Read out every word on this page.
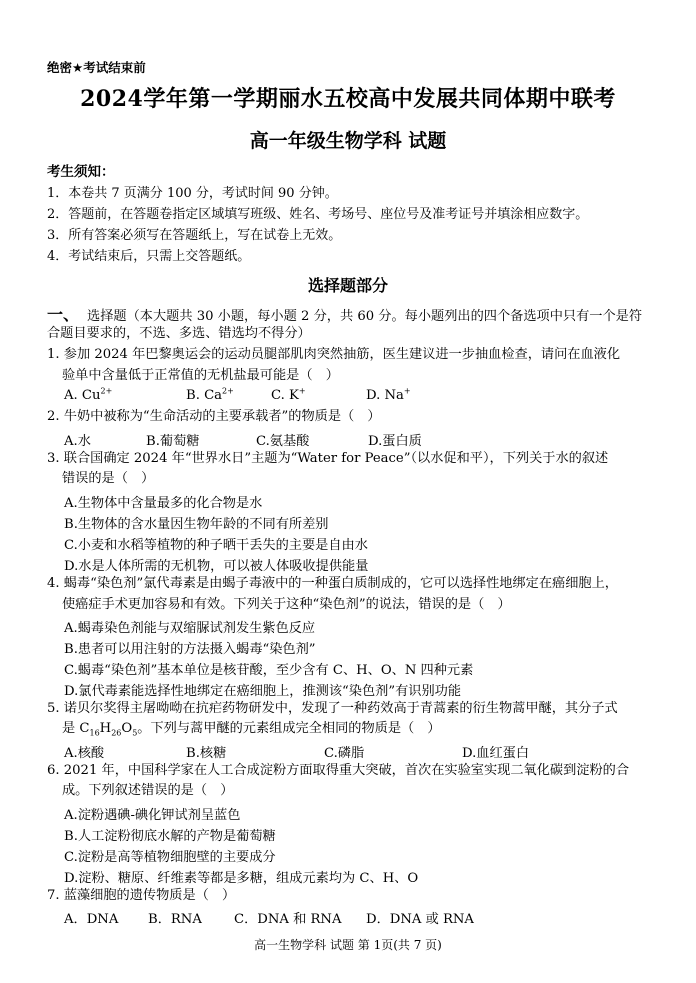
绝密★考试结束前
2024学年第一学期丽水五校高中发展共同体期中联考
高一年级生物学科 试题
考生须知：
1．本卷共 7 页满分 100 分，考试时间 90 分钟。
2．答题前，在答题卷指定区域填写班级、姓名、考场号、座位号及准考证号并填涂相应数字。
3．所有答案必须写在答题纸上，写在试卷上无效。
4．考试结束后，只需上交答题纸。
选择题部分
一、 选择题（本大题共 30 小题，每小题 2 分，共 60 分。每小题列出的四个备选项中只有一个是符
合题目要求的，不选、多选、错选均不得分）
1. 参加 2024 年巴黎奥运会的运动员腿部肌肉突然抽筋，医生建议进一步抽血检查，请问在血液化
验单中含量低于正常值的无机盐最可能是（　）
A. $Cu^{2+}$	B. $Ca^{2+}$	C. K+	D. Na+
2. 牛奶中被称为“生命活动的主要承载者”的物质是（　）
A.水	B.葡萄糖	C.氨基酸	D.蛋白质
3. 联合国确定 2024 年“世界水日”主题为“Water for Peace”（以水促和平），下列关于水的叙述
错误的是（　）
A.生物体中含量最多的化合物是水
B.生物体的含水量因生物年龄的不同有所差别
C.小麦和水稻等植物的种子晒干丢失的主要是自由水
D.水是人体所需的无机物，可以被人体吸收提供能量
4. 蝎毒“染色剂”氯代毒素是由蝎子毒液中的一种蛋白质制成的，它可以选择性地绑定在癌细胞上，
使癌症手术更加容易和有效。下列关于这种“染色剂”的说法，错误的是（　）
A.蝎毒染色剂能与双缩脲试剂发生紫色反应
B.患者可以用注射的方法摄入蝎毒“染色剂”
C.蝎毒“染色剂”基本单位是核苷酸，至少含有 C、H、O、N 四种元素
D.氯代毒素能选择性地绑定在癌细胞上，推测该“染色剂”有识别功能
5. 诺贝尔奖得主屠呦呦在抗疟药物研发中，发现了一种药效高于青蒿素的衍生物蒿甲醚，其分子式
是 $C_{16}H_{26}O_5$。下列与蒿甲醚的元素组成完全相同的物质是（　）
A.核酸	B.核糖	C.磷脂	D.血红蛋白
6. 2021 年，中国科学家在人工合成淀粉方面取得重大突破，首次在实验室实现二氧化碳到淀粉的合
成。下列叙述错误的是（　）
A.淀粉遇碘-碘化钾试剂呈蓝色
B.人工淀粉彻底水解的产物是葡萄糖
C.淀粉是高等植物细胞壁的主要成分
D.淀粉、糖原、纤维素等都是多糖，组成元素均为 C、H、O
7. 蓝藻细胞的遗传物质是（　）
A．DNA B．RNA C．DNA 和 RNA D．DNA 或 RNA
高一生物学科 试题 第 1页(共 7 页)
